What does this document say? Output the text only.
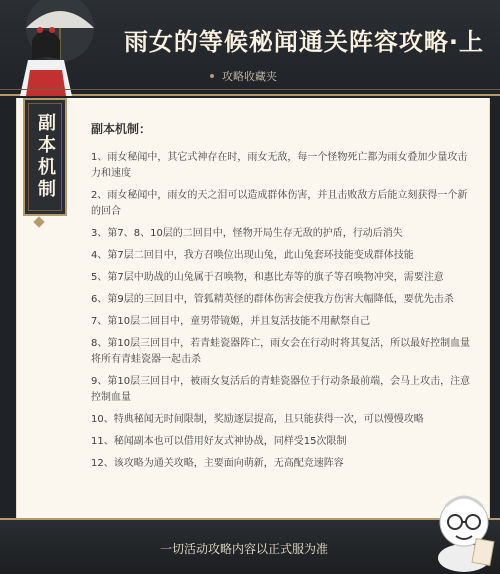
雨女的等候秘闻通关阵容攻略·上
攻略收藏夹
副本机制	副本机制：
1、雨女秘闻中，其它式神存在时，雨女无敌，每一个怪物死亡都为雨女叠加少量攻击力和速度
2、雨女秘闻中，雨女的天之泪可以造成群体伤害，并且击败敌方后能立刻获得一个新的回合
3、第7、8、10层的二回目中，怪物开局生存无敌的护盾，行动后消失
4、第7层二回目中，我方召唤位出现山兔，此山兔套环技能变成群体技能
5、第7层中助战的山兔属于召唤物，和惠比寿等的旗子等召唤物冲突，需要注意
6、第9层的三回目中，管狐精英怪的群体伤害会使我方伤害大幅降低，要优先击杀
7、第10层二回目中，童男带镜姬，并且复活技能不用献祭自己
8、第10层三回目中，若青蛙瓷器阵亡，雨女会在行动时将其复活，所以最好控制血量将所有青蛙瓷器一起击杀
9、第10层三回目中，被雨女复活后的青蛙瓷器位于行动条最前端，会马上攻击，注意控制血量
10、特典秘闻无时间限制，奖励逐层提高，且只能获得一次，可以慢慢攻略
11、秘闻副本也可以借用好友式神协战，同样受15次限制
12、该攻略为通关攻略，主要面向萌新，无高配竞速阵容
一切活动攻略内容以正式服为准
